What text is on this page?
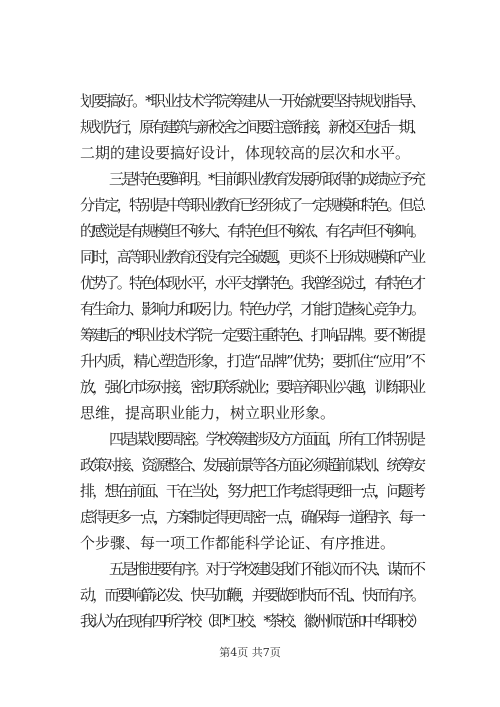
划要搞好。*职业技术学院筹建从一开始就要坚持规划指导、
规划先行，原有建筑与新校舍之间要注意衔接，新校区包括一期、
二期的建设要搞好设计，体现较高的层次和水平。
三是特色要鲜明。*目前职业教育发展所取得的成绩应予充
分肯定，特别是中等职业教育已经形成了一定规模和特色。但总
的感觉是有规模但不够大、有特色但不够浓、有名声但不够响。
同时，高等职业教育还没有完全破题，更谈不上形成规模和产业
优势了。特色体现水平，水平支撑特色。我曾经说过，有特色才
有生命力、影响力和吸引力。特色办学，才能打造核心竞争力。
筹建后的*职业技术学院一定要注重特色、打响品牌。要不断提
升内质，精心塑造形象，打造“品牌”优势；要抓住“应用”不
放，强化市场对接，密切联系就业；要培养职业兴趣，训练职业
思维，提高职业能力，树立职业形象。
四是谋划要周密。学校筹建涉及方方面面，所有工作特别是
政策对接、资源整合、发展前景等各方面必须超前谋划、统筹安
排，想在前面、干在当处，努力把工作考虑得更细一点，问题考
虑得更多一点，方案制定得更周密一点，确保每一道程序、每一
个步骤、每一项工作都能科学论证、有序推进。
五是推进要有序。对于学校建设我们不能议而不决、谋而不
动，而要响箭必发、快马加鞭，并要做到快而不乱、快而有序。
我认为在现有四所学校（即*卫校、*茶校、徽州师范和中华职校）
第4页 共7页
